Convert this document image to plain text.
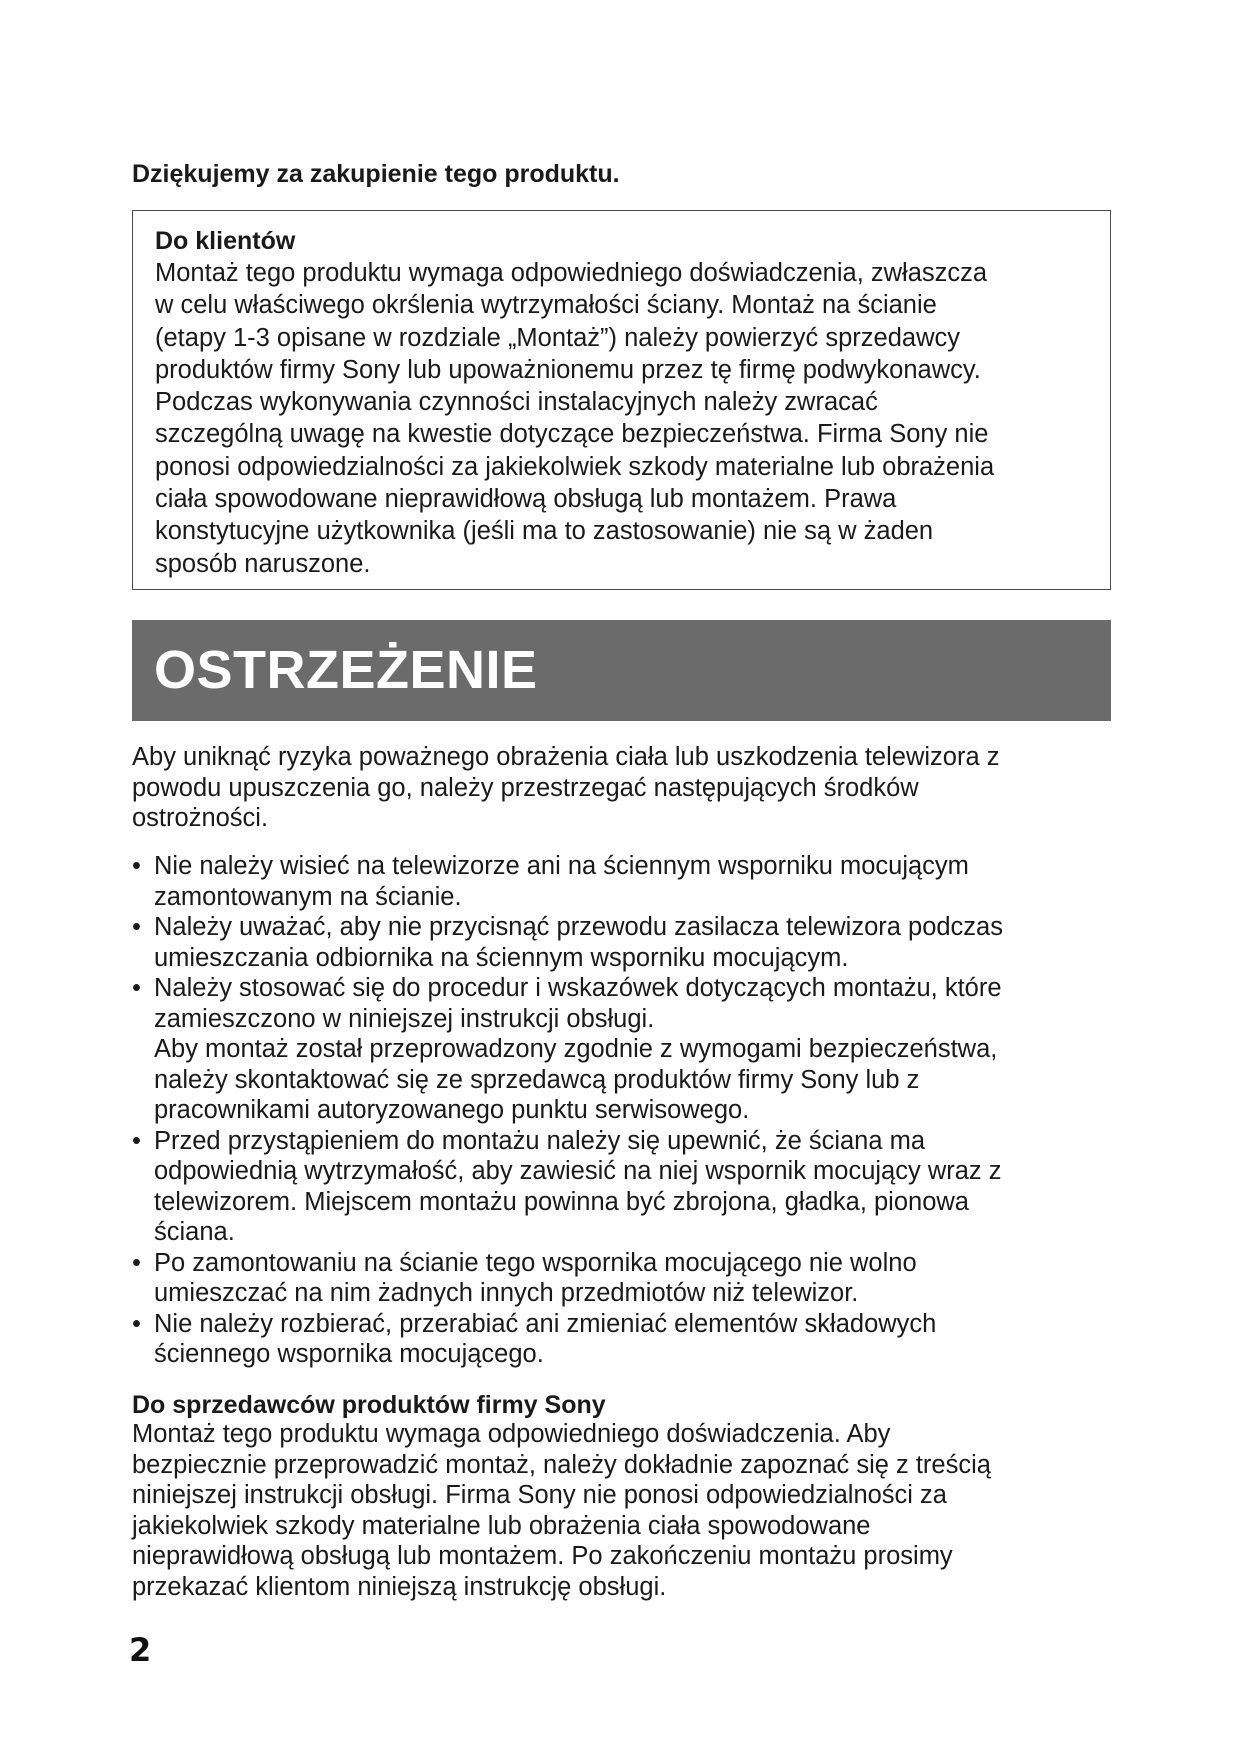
Dziękujemy za zakupienie tego produktu.

Do klientów

Montaż tego produktu wymaga odpowiedniego doświadczenia, zwłaszcza
w celu właściwego okrślenia wytrzymałości ściany. Montaż na ścianie
(etapy 1-3 opisane w rozdziale „Montaż”) należy powierzyć sprzedawcy
produktów firmy Sony lub upoważnionemu przez tę firmę podwykonawcy.
Podczas wykonywania czynności instalacyjnych należy zwracać
szczególną uwagę na kwestie dotyczące bezpieczeństwa. Firma Sony nie
ponosi odpowiedzialności za jakiekolwiek szkody materialne lub obrażenia
ciała spowodowane nieprawidłową obsługą lub montażem. Prawa
konstytucyjne użytkownika (jeśli ma to zastosowanie) nie są w żaden
sposób naruszone.

OSTRZEŻENIE

Aby uniknąć ryzyka poważnego obrażenia ciała lub uszkodzenia telewizora z
powodu upuszczenia go, należy przestrzegać następujących środków
ostrożności.

• Nie należy wisieć na telewizorze ani na ściennym wsporniku mocującym
zamontowanym na ścianie.
• Należy uważać, aby nie przycisnąć przewodu zasilacza telewizora podczas
umieszczania odbiornika na ściennym wsporniku mocującym.
• Należy stosować się do procedur i wskazówek dotyczących montażu, które
zamieszczono w niniejszej instrukcji obsługi.
Aby montaż został przeprowadzony zgodnie z wymogami bezpieczeństwa,
należy skontaktować się ze sprzedawcą produktów firmy Sony lub z
pracownikami autoryzowanego punktu serwisowego.
• Przed przystąpieniem do montażu należy się upewnić, że ściana ma
odpowiednią wytrzymałość, aby zawiesić na niej wspornik mocujący wraz z
telewizorem. Miejscem montażu powinna być zbrojona, gładka, pionowa
ściana.
• Po zamontowaniu na ścianie tego wspornika mocującego nie wolno
umieszczać na nim żadnych innych przedmiotów niż telewizor.
• Nie należy rozbierać, przerabiać ani zmieniać elementów składowych
ściennego wspornika mocującego.

Do sprzedawców produktów firmy Sony

Montaż tego produktu wymaga odpowiedniego doświadczenia. Aby
bezpiecznie przeprowadzić montaż, należy dokładnie zapoznać się z treścią
niniejszej instrukcji obsługi. Firma Sony nie ponosi odpowiedzialności za
jakiekolwiek szkody materialne lub obrażenia ciała spowodowane
nieprawidłową obsługą lub montażem. Po zakończeniu montażu prosimy
przekazać klientom niniejszą instrukcję obsługi.

2
